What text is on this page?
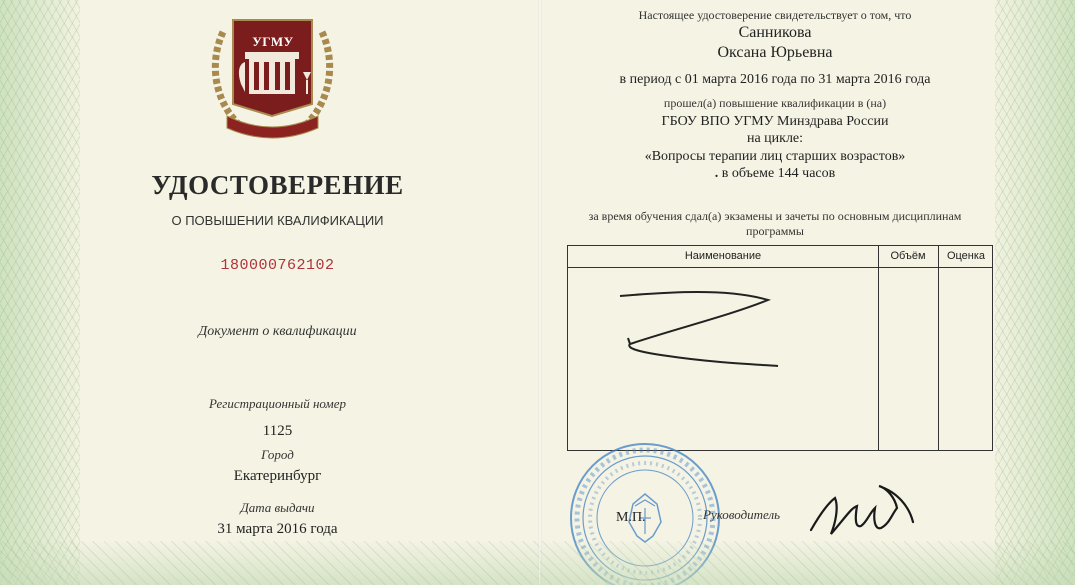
УГМУ
УДОСТОВЕРЕНИЕ
О ПОВЫШЕНИИ КВАЛИФИКАЦИИ
180000762102
Документ о квалификации
Регистрационный номер
1125
Город
Екатеринбург
Дата выдачи
31 марта 2016 года
Настоящее удостоверение свидетельствует о том, что
Санникова
Оксана Юрьевна
в период с 01 марта 2016 года по 31 марта 2016 года
прошел(а) повышение квалификации в (на)
ГБОУ ВПО УГМУ Минздрава России
на цикле:
«Вопросы терапии лиц старших возрастов»
. в объеме 144 часов
за время обучения сдал(а) экзамены и зачеты по основным дисциплинам
программы
Наименование	Объём	Оценка
М.П.	Руководитель
